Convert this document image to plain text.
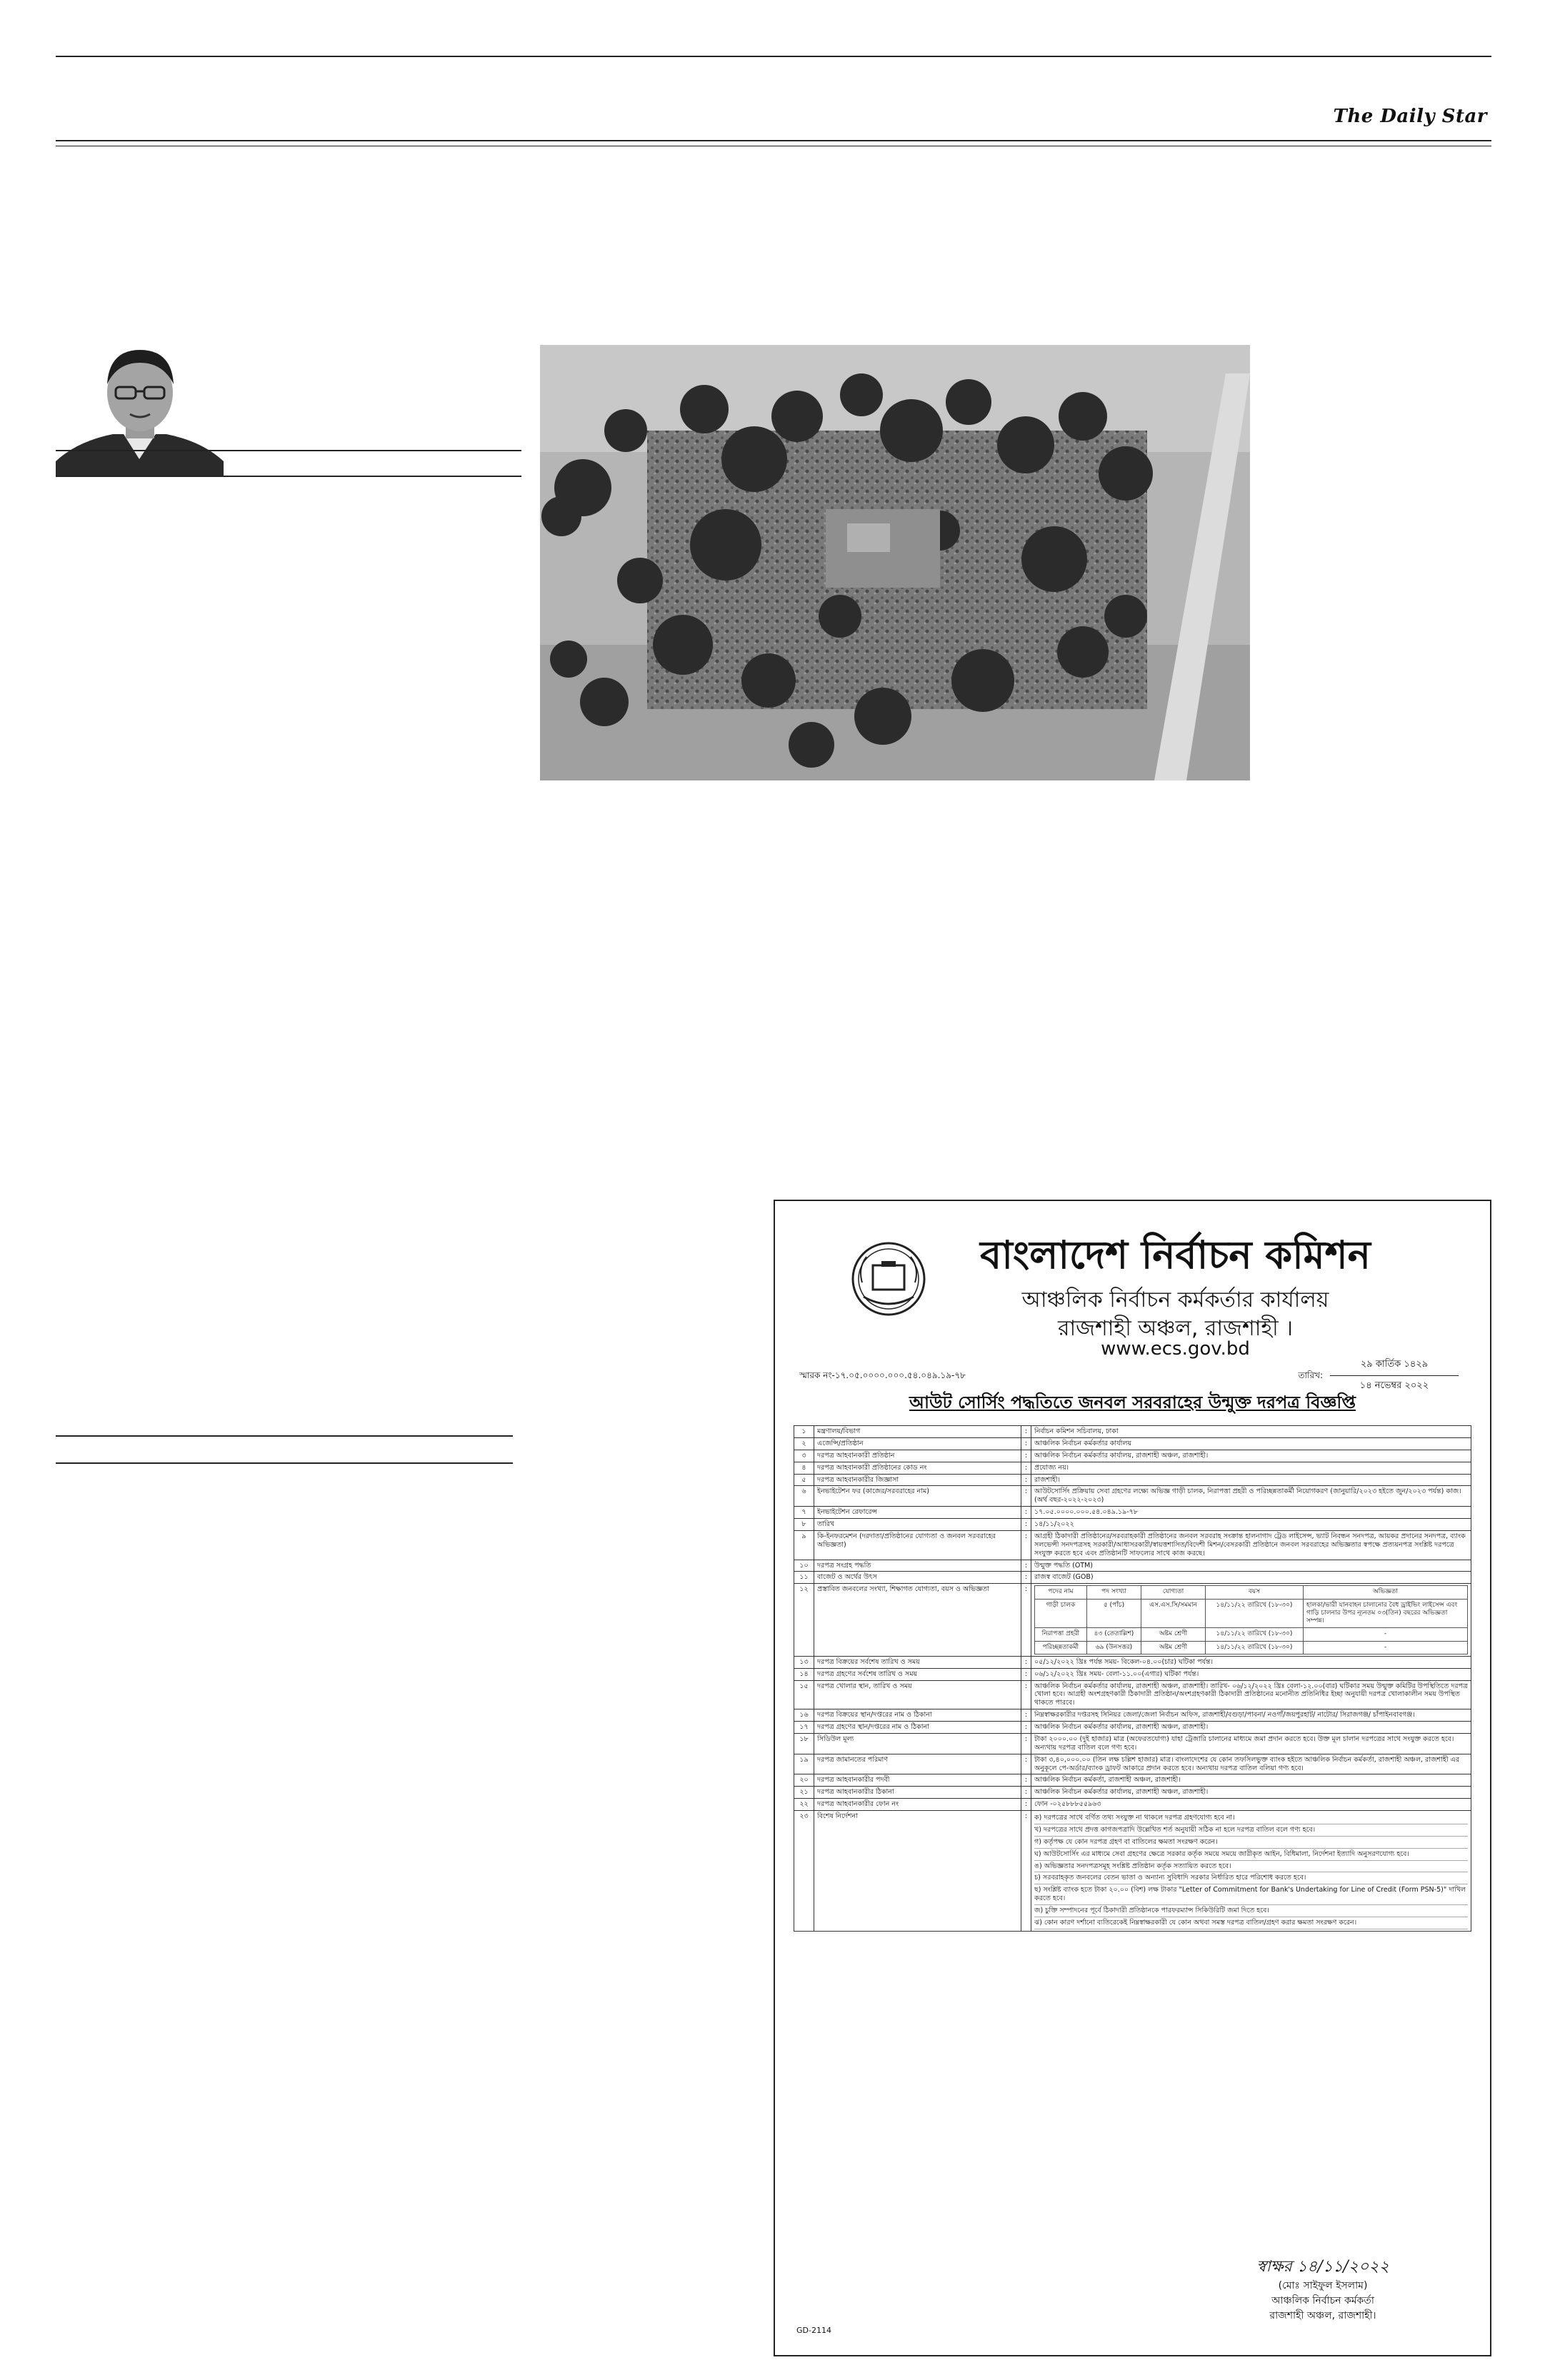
The Daily Star
বাংলাদেশ নির্বাচন কমিশন
আঞ্চলিক নির্বাচন কর্মকর্তার কার্যালয়
রাজশাহী অঞ্চল, রাজশাহী ।
www.ecs.gov.bd
স্মারক নং-১৭.০৫.০০০০.০০০.৫৪.০৪৯.১৯-৭৮	তারিখ:
২৯ কার্তিক ১৪২৯
১৪ নভেম্বর ২০২২
আউট সোর্সিং পদ্ধতিতে জনবল সরবরাহের উন্মুক্ত দরপত্র বিজ্ঞপ্তি
১	মন্ত্রণালয়/বিভাগ	:	নির্বাচন কমিশন সচিবালয়, ঢাকা
২	এজেন্সি/প্রতিষ্ঠান	:	আঞ্চলিক নির্বাচন কর্মকর্তার কার্যালয়
৩	দরপত্র আহবানকারী প্রতিষ্ঠান	:	আঞ্চলিক নির্বাচন কর্মকর্তার কার্যালয়, রাজশাহী অঞ্চল, রাজশাহী।
৪	দরপত্র আহবানকারী প্রতিষ্ঠানের কোড নং	:	প্রযোজ্য নয়।
৫	দরপত্র আহবানকারীর জিজ্ঞাসা	:	রাজশাহী।
৬	ইনভাইটেশন ফর (কাজের/সরবরাহের নাম)	:	আউটসোর্সিং প্রক্রিয়ায় সেবা গ্রহণের লক্ষ্যে অভিজ্ঞ গাড়ী চালক, নিরাপত্তা প্রহরী ও পরিচ্ছন্নতাকর্মী নিয়োগকরণ (জানুয়ারি/২০২৩ হইতে জুন/২০২৩ পর্যন্ত) কাজ। (অর্থ বছর-২০২২-২০২৩)
৭	ইনভাইটেশন রেফারেন্স	:	১৭.০৫.০০০০.০০০.৫৪.০৪৯.১৯-৭৮
৮	তারিখ	:	১৪/১১/২০২২
৯	কি-ইনফরমেশন (দরদাতা/প্রতিষ্ঠানের যোগ্যতা ও জনবল সরবরাহের অভিজ্ঞতা)	:	আগ্রহী ঠিকাদারী প্রতিষ্ঠানের/সরবরাহকারী প্রতিষ্ঠানের জনবল সরবরাহ সংক্রান্ত হালনাগাদ ট্রেড লাইসেন্স, ভ্যাট নিবন্ধন সনদপত্র, আয়কর প্রদানের সনদপত্র, ব্যাংক সলভেন্সী সনদপত্রসহ সরকারী/আধাসরকারী/স্বায়ত্তশাসিত/বিদেশী মিশন/বেসরকারী প্রতিষ্ঠানে জনবল সরবরাহের অভিজ্ঞতার স্বপক্ষে প্রত্যয়নপত্র সংশ্লিষ্ট দরপত্রে সংযুক্ত করতে হবে এবং প্রতিষ্ঠানটি সাফল্যের সাথে কাজ করছে।
১০	দরপত্র সংগ্রহ পদ্ধতি	:	উন্মুক্ত পদ্ধতি (OTM)
১১	বাজেট ও অর্থের উৎস	:	রাজস্ব বাজেট (GOB)
১২	প্রস্তাবিত জনবলের সংখ্যা, শিক্ষাগত যোগ্যতা, বয়স ও অভিজ্ঞতা	:		পদের নাম	পদ সংখ্যা	যোগ্যতা	বয়স	অভিজ্ঞতা
গাড়ী চালক	৫ (পাঁচ)	এস.এস.সি/সমমান	১৪/১১/২২ তারিখে (১৮-৩০)	হালকা/ভারী যানবাহন চালানোর বৈধ ড্রাইভিং লাইসেন্স এবং গাড়ি চালনার উপর ন্যূনতম ০৩(তিন) বছরের অভিজ্ঞতা সম্পন্ন।
নিরাপত্তা প্রহরী	৪৩ (তেতাল্লিশ)	অষ্টম শ্রেণী	১৪/১১/২২ তারিখে (১৮-৩০)	-
পরিচ্ছন্নতাকর্মী	৬৯ (উনসত্তর)	অষ্টম শ্রেণী	১৪/১১/২২ তারিখে (১৮-৩০)	-

১৩	দরপত্র বিক্রয়ের সর্বশেষ তারিখ ও সময়	:	০৫/১২/২০২২ খ্রিঃ পর্যন্ত সময়- বিকেল-০৪.০০(চার) ঘটিকা পর্যন্ত।
১৪	দরপত্র গ্রহণের সর্বশেষ তারিখ ও সময়	:	০৬/১২/২০২২ খ্রিঃ সময়- বেলা-১১.০০(এগার) ঘটিকা পর্যন্ত।
১৫	দরপত্র খোলার স্থান, তারিখ ও সময়	:	আঞ্চলিক নির্বাচন কর্মকর্তার কার্যালয়, রাজশাহী অঞ্চল, রাজশাহী। তারিখ- ০৬/১২/২০২২ খ্রিঃ বেলা-১২.০০(বার) ঘটিকার সময় উন্মুক্ত কমিটির উপস্থিতিতে দরপত্র খোলা হবে। আগ্রহী অংশগ্রহণকারী ঠিকাদারী প্রতিষ্ঠান/অংশগ্রহণকারী ঠিকাদারী প্রতিষ্ঠানের মনোনীত প্রতিনিধির ইচ্ছা অনুযায়ী দরপত্র খোলাকালীন সময় উপস্থিত থাকতে পারবে।
১৬	দরপত্র বিক্রয়ের স্থান/দপ্তরের নাম ও ঠিকানা	:	নিম্নস্বাক্ষরকারীর দপ্তরসহ সিনিয়র জেলা/জেলা নির্বাচন অফিস, রাজশাহী/বগুড়া/পাবনা/ নওগাঁ/জয়পুরহাট/ নাটোর/ সিরাজগঞ্জ/ চাঁপাইনবাবগঞ্জ।
১৭	দরপত্র গ্রহণের স্থান/দপ্তরের নাম ও ঠিকানা	:	আঞ্চলিক নির্বাচন কর্মকর্তার কার্যালয়, রাজশাহী অঞ্চল, রাজশাহী।
১৮	সিডিউল মূল্য	:	টাকা ২০০০.০০ (দুই হাজার) মাত্র (অফেরতযোগ্য) যাহা ট্রেজারি চালানের মাধ্যমে জমা প্রদান করতে হবে। উক্ত মূল চালান দরপত্রের সাথে সংযুক্ত করতে হবে। অন্যথায় দরপত্র বাতিল বলে গণ্য হবে।
১৯	দরপত্র জামানতের পরিমাণ	:	টাকা ৩,৪০,০০০.০০ (তিন লক্ষ চল্লিশ হাজার) মাত্র। বাংলাদেশের যে কোন তফসিলভুক্ত ব্যাংক হইতে আঞ্চলিক নির্বাচন কর্মকর্তা, রাজশাহী অঞ্চল, রাজশাহী এর অনুকূলে পে-অর্ডার/ব্যাংক ড্রাফট আকারে প্রদান করতে হবে। অন্যথায় দরপত্র বাতিল বলিয়া গণ্য হবে।
২০	দরপত্র আহবানকারীর পদবী	:	আঞ্চলিক নির্বাচন কর্মকর্তা, রাজশাহী অঞ্চল, রাজশাহী।
২১	দরপত্র আহবানকারীর ঠিকানা	:	আঞ্চলিক নির্বাচন কর্মকর্তার কার্যালয়, রাজশাহী অঞ্চল, রাজশাহী।
২২	দরপত্র আহবানকারীর ফোন নং	:	ফোন -০২৫৮৮৮৫৫৯৬৩
২৩	বিশেষ নির্দেশনা	:	ক) দরপত্রের সাথে বর্ণিত তথ্য সংযুক্ত না থাকলে দরপত্র গ্রহণযোগ্য হবে না।
খ) দরপত্রের সাথে প্রদত্ত কাগজপত্রাদি উল্লেখিত শর্ত অনুযায়ী সঠিক না হলে দরপত্র বাতিল বলে গণ্য হবে।
গ) কর্তৃপক্ষ যে কোন দরপত্র গ্রহণ বা বাতিলের ক্ষমতা সংরক্ষণ করেন।
ঘ) আউটসোর্সিং এর মাধ্যমে সেবা গ্রহণের ক্ষেত্রে সরকার কর্তৃক সময়ে সময়ে জারীকৃত আইন, বিধিমালা, নির্দেশনা ইত্যাদি অনুসরণযোগ্য হবে।
ঙ) অভিজ্ঞতার সনদপত্রসমূহ সংশ্লিষ্ট প্রতিষ্ঠান কর্তৃক সত্যায়িত করতে হবে।
চ) সরবরাহকৃত জনবলের বেতন ভাতা ও অন্যান্য সুবিধাদি সরকার নির্ধারিত হারে পরিশোধ করতে হবে।
ছ) সংশ্লিষ্ট ব্যাংক হতে টাকা ২০.০০ (বিশ) লক্ষ টাকার "Letter of Commitment for Bank's Undertaking for Line of Credit (Form PSN-5)" দাখিল করতে হবে।
জ) চুক্তি সম্পাদনের পূর্বে ঠিকাদারী প্রতিষ্ঠানকে পারফরম্যান্স সিকিউরিটি জমা দিতে হবে।
ঝ) কোন কারণ দর্শানো ব্যতিরেকেই নিম্নস্বাক্ষরকারী যে কোন অথবা সমস্ত দরপত্র বাতিল/গ্রহণ করার ক্ষমতা সংরক্ষণ করেন।
স্বাক্ষর ১৪/১১/২০২২
(মোঃ সাইফুল ইসলাম)
আঞ্চলিক নির্বাচন কর্মকর্তা
রাজশাহী অঞ্চল, রাজশাহী।
GD-2114
